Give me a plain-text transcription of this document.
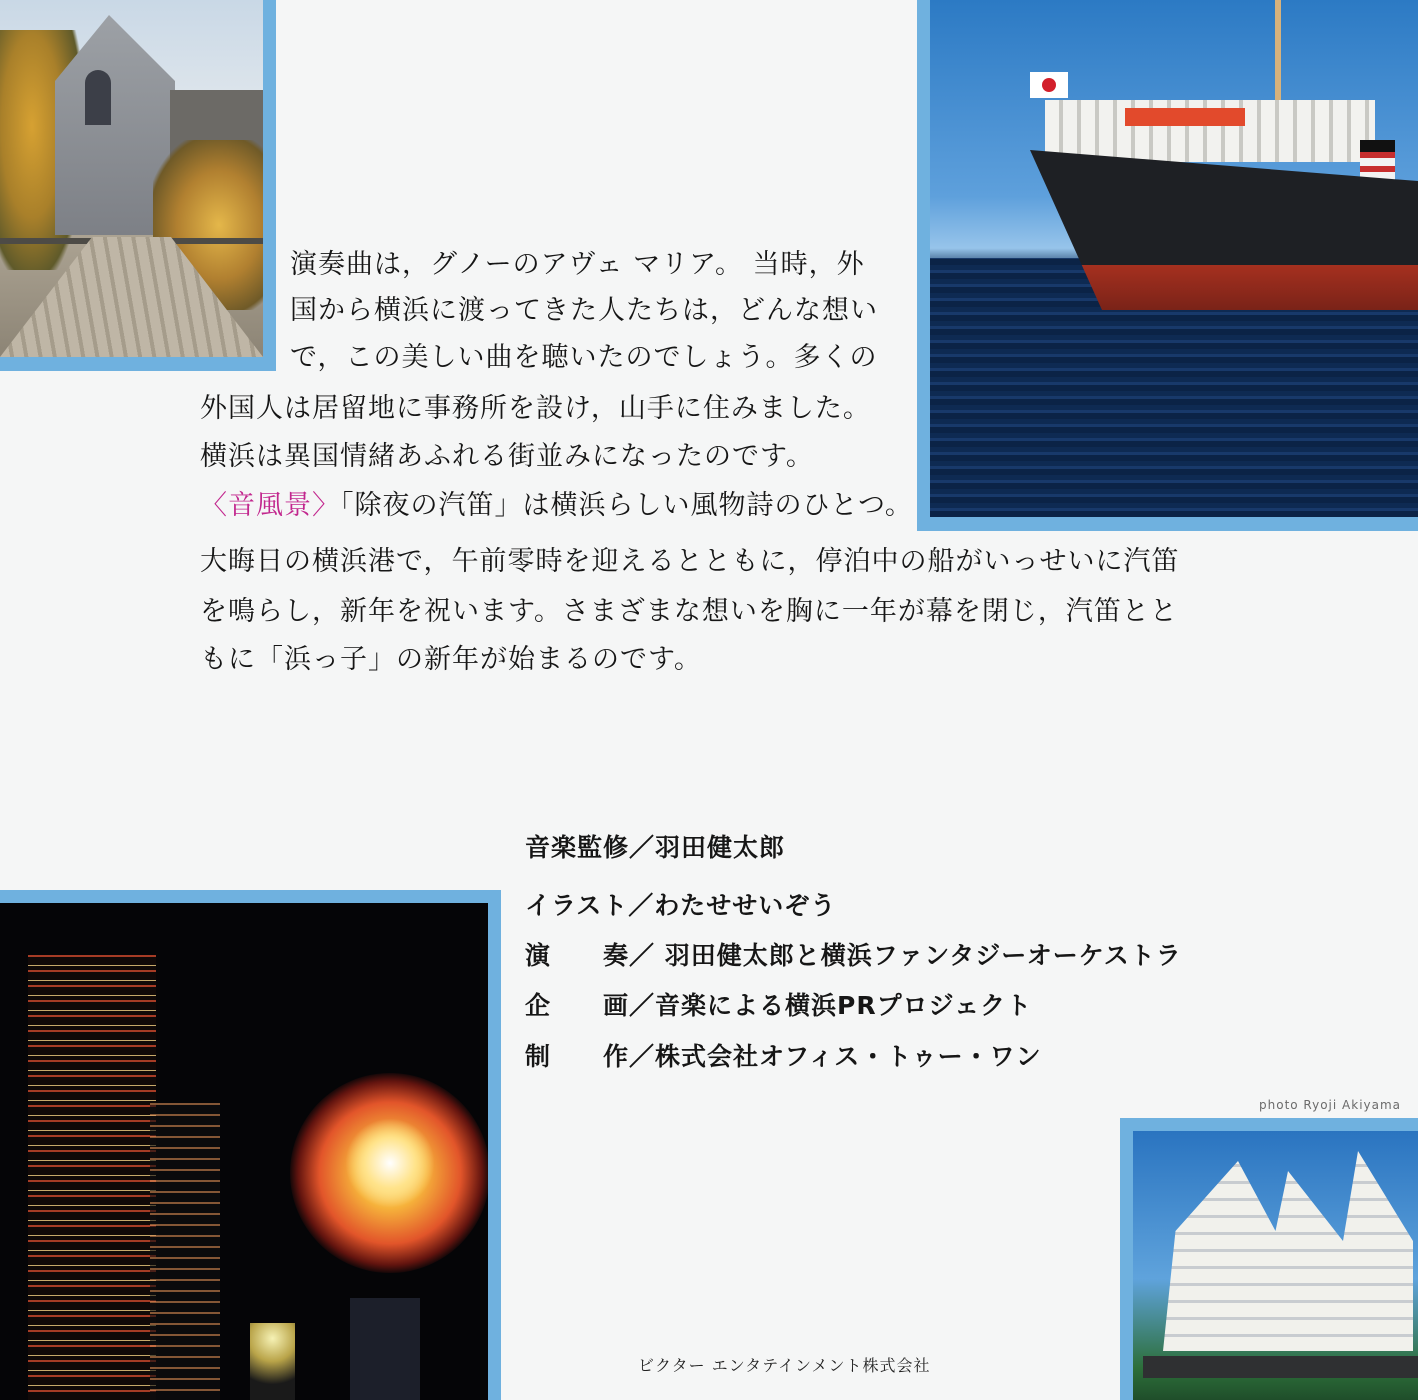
演奏曲は，グノーのアヴェ マリア。 当時，外

国から横浜に渡ってきた人たちは，どんな想い

で，この美しい曲を聴いたのでしょう。多くの

外国人は居留地に事務所を設け，山手に住みました。

横浜は異国情緒あふれる街並みになったのです。

〈音風景〉「除夜の汽笛」は横浜らしい風物詩のひとつ。

大晦日の横浜港で，午前零時を迎えるとともに，停泊中の船がいっせいに汽笛

を鳴らし，新年を祝います。さまざまな想いを胸に一年が幕を閉じ，汽笛とと

もに「浜っ子」の新年が始まるのです。

音楽監修／羽田健太郎
イラスト／わたせせいぞう
演　　奏／ 羽田健太郎と横浜ファンタジーオーケストラ
企　　画／音楽による横浜PRプロジェクト
制　　作／株式会社オフィス・トゥー・ワン
photo Ryoji Akiyama
ビクター エンタテインメント株式会社
